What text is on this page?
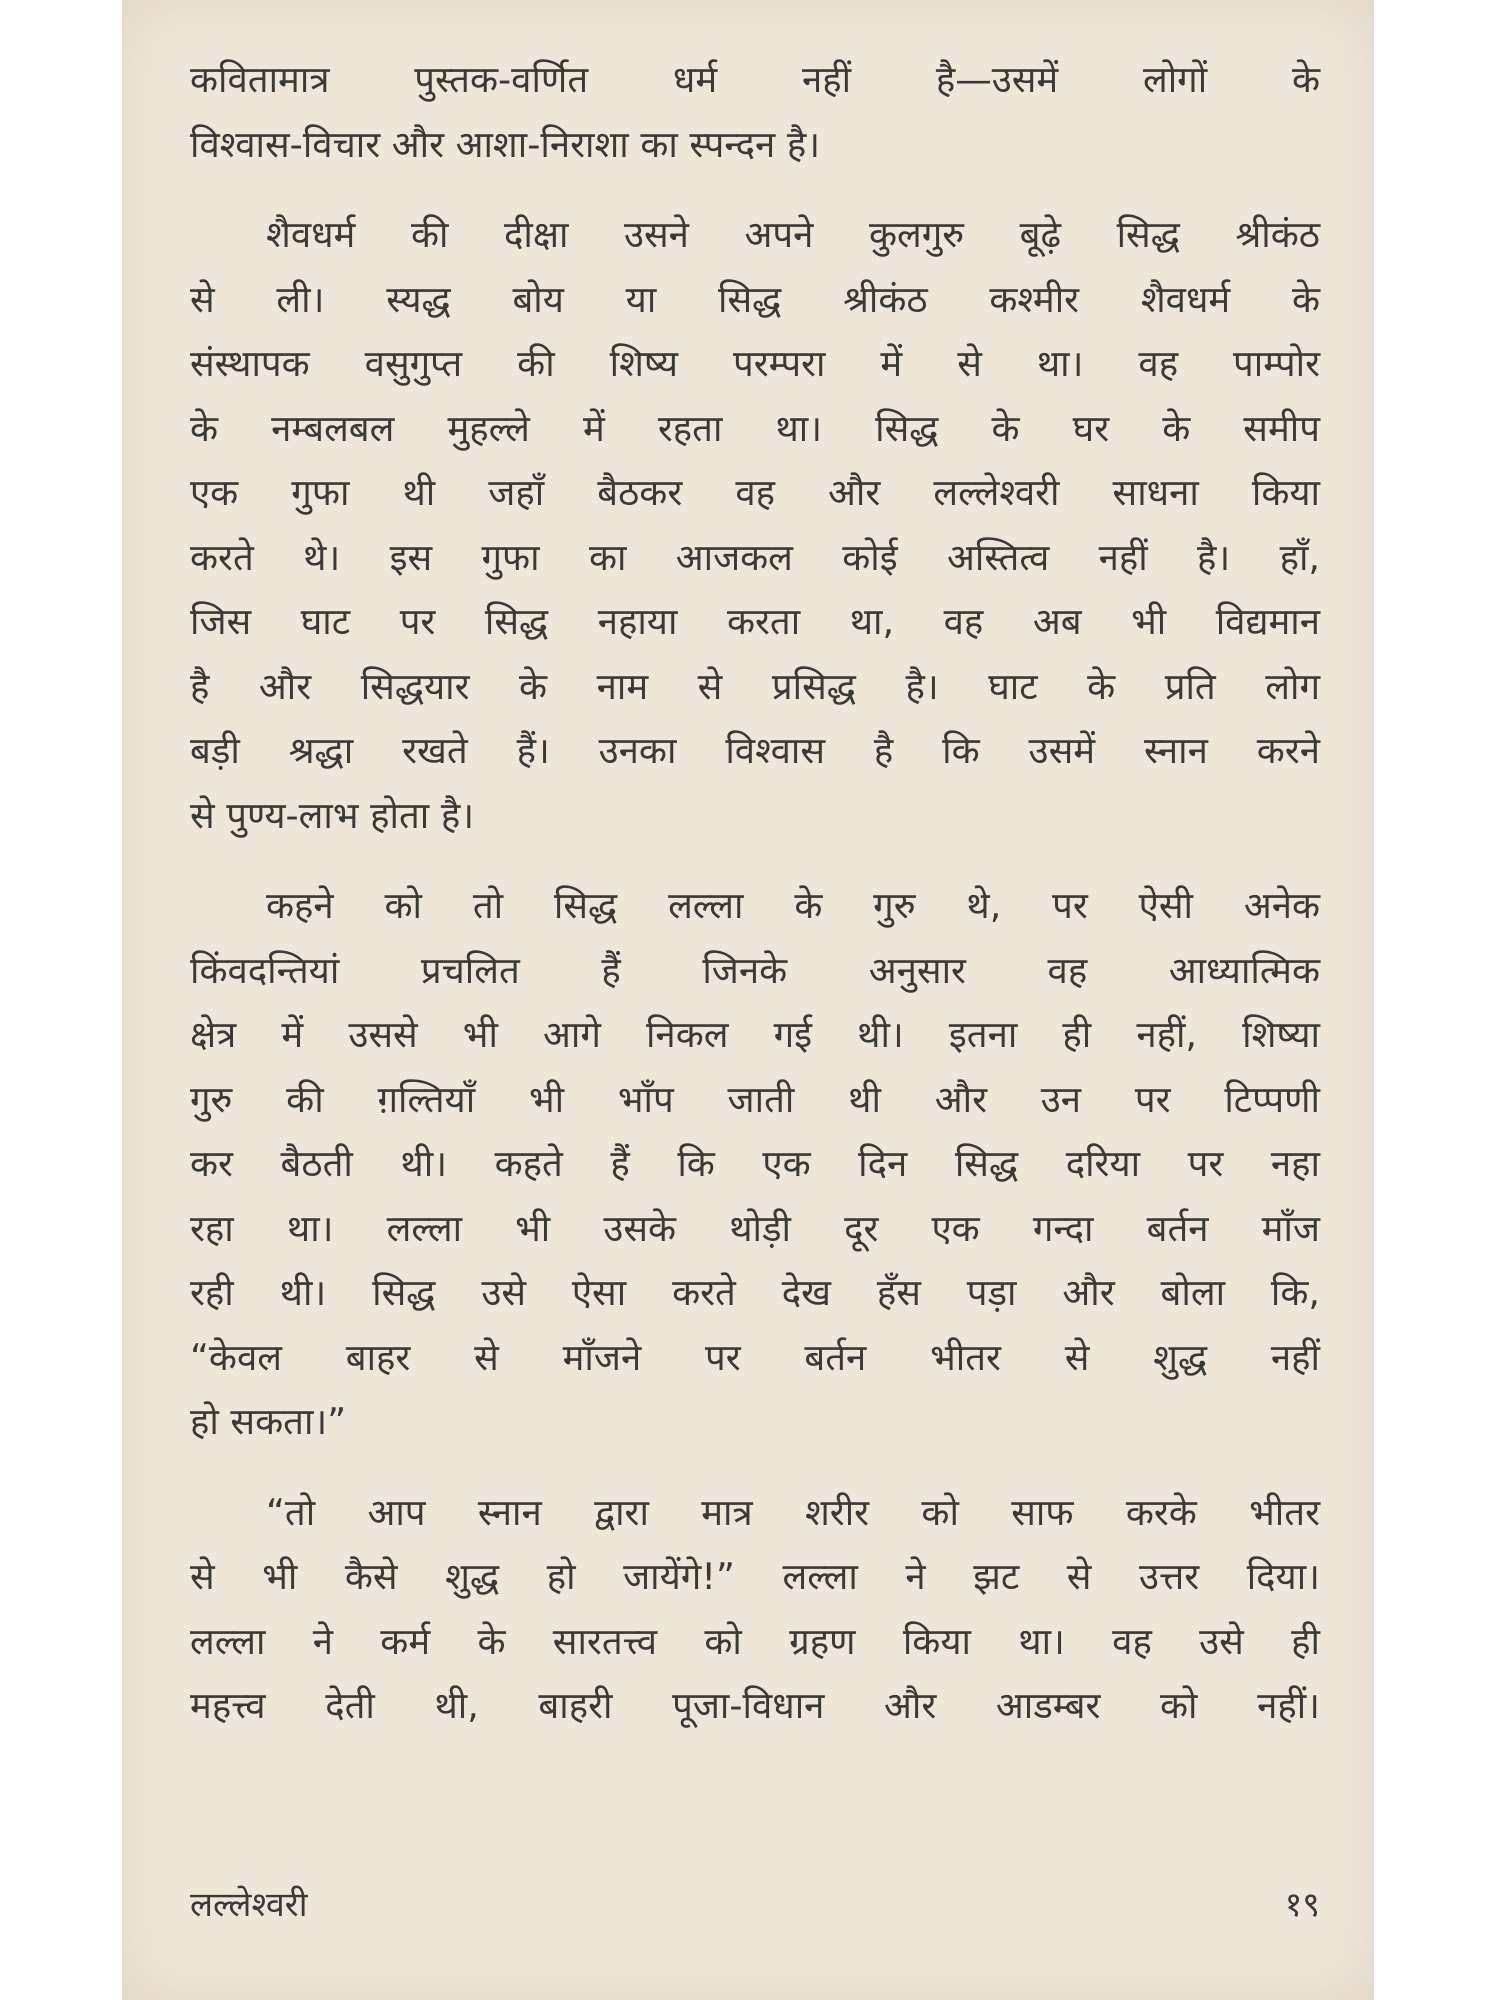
कवितामात्र पुस्तक-वर्णित धर्म नहीं है—उसमें लोगों के
विश्वास-विचार और आशा-निराशा का स्पन्दन है।

शैवधर्म की दीक्षा उसने अपने कुलगुरु बूढ़े सिद्ध श्रीकंठ
से ली। स्यद्ध बोय या सिद्ध श्रीकंठ कश्मीर शैवधर्म के
संस्थापक वसुगुप्त की शिष्य परम्परा में से था। वह पाम्पोर
के नम्बलबल मुहल्ले में रहता था। सिद्ध के घर के समीप
एक गुफा थी जहाँ बैठकर वह और लल्लेश्वरी साधना किया
करते थे। इस गुफा का आजकल कोई अस्तित्व नहीं है। हाँ,
जिस घाट पर सिद्ध नहाया करता था, वह अब भी विद्यमान
है और सिद्धयार के नाम से प्रसिद्ध है। घाट के प्रति लोग
बड़ी श्रद्धा रखते हैं। उनका विश्वास है कि उसमें स्नान करने
से पुण्य-लाभ होता है।

कहने को तो सिद्ध लल्ला के गुरु थे, पर ऐसी अनेक
किंवदन्तियां प्रचलित हैं जिनके अनुसार वह आध्यात्मिक
क्षेत्र में उससे भी आगे निकल गई थी। इतना ही नहीं, शिष्या
गुरु की ग़ल्तियाँ भी भाँप जाती थी और उन पर टिप्पणी
कर बैठती थी। कहते हैं कि एक दिन सिद्ध दरिया पर नहा
रहा था। लल्ला भी उसके थोड़ी दूर एक गन्दा बर्तन माँज
रही थी। सिद्ध उसे ऐसा करते देख हँस पड़ा और बोला कि,
“केवल बाहर से माँजने पर बर्तन भीतर से शुद्ध नहीं
हो सकता।”

“तो आप स्नान द्वारा मात्र शरीर को साफ करके भीतर
से भी कैसे शुद्ध हो जायेंगे!” लल्ला ने झट से उत्तर दिया।
लल्ला ने कर्म के सारतत्त्व को ग्रहण किया था। वह उसे ही
महत्त्व देती थी, बाहरी पूजा-विधान और आडम्बर को नहीं।

लल्लेश्वरी	१९
